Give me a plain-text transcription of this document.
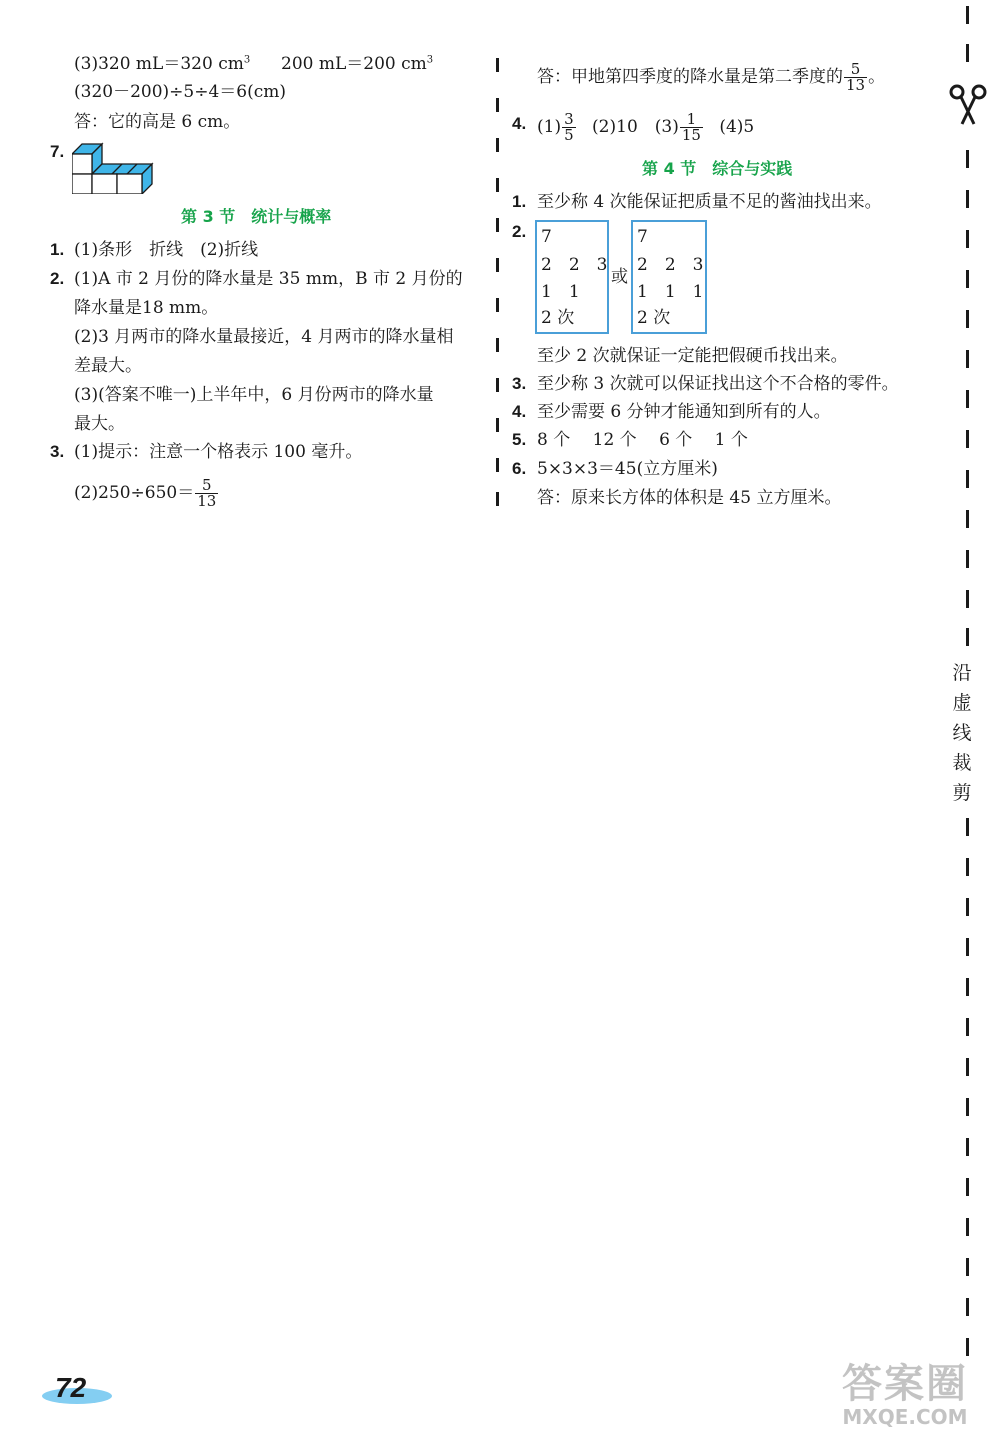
(3)320 mL＝320 $cm^3$ 200 mL＝200 $cm^3$
(320－200)÷5÷4＝6(cm)
答：它的高是 6 cm。
7.
第 3 节　统计与概率
1. (1)条形　折线　(2)折线
2. (1)A 市 2 月份的降水量是 35 mm，B 市 2 月份的
降水量是18 mm。
(2)3 月两市的降水量最接近，4 月两市的降水量相
差最大。
(3)(答案不唯一)上半年中，6 月份两市的降水量
最大。
3. (1)提示：注意一个格表示 100 毫升。
$(2)250\div 650= \frac{5}{13}$
答：甲地第四季度的降水量是第二季度的 $\frac{5}{13}$ 。
4. $(1) \frac{3}{5} (2)10$　$(3) \frac{1}{15} (4)5$
第 4 节　综合与实践
1. 至少称 4 次能保证把质量不足的酱油找出来。
2. 7
2　2　3
1　1
2 次
或
7
2　2　3
1　1　1
2 次
至少 2 次就保证一定能把假硬币找出来。
3. 至少称 3 次就可以保证找出这个不合格的零件。
4. 至少需要 6 分钟才能通知到所有的人。
5. 8 个　 12 个　 6 个　 1 个
6. 5×3×3＝45(立方厘米)
答：原来长方体的体积是 45 立方厘米。
沿
虚
线
裁
剪
72	答案圈
MXQE.COM
